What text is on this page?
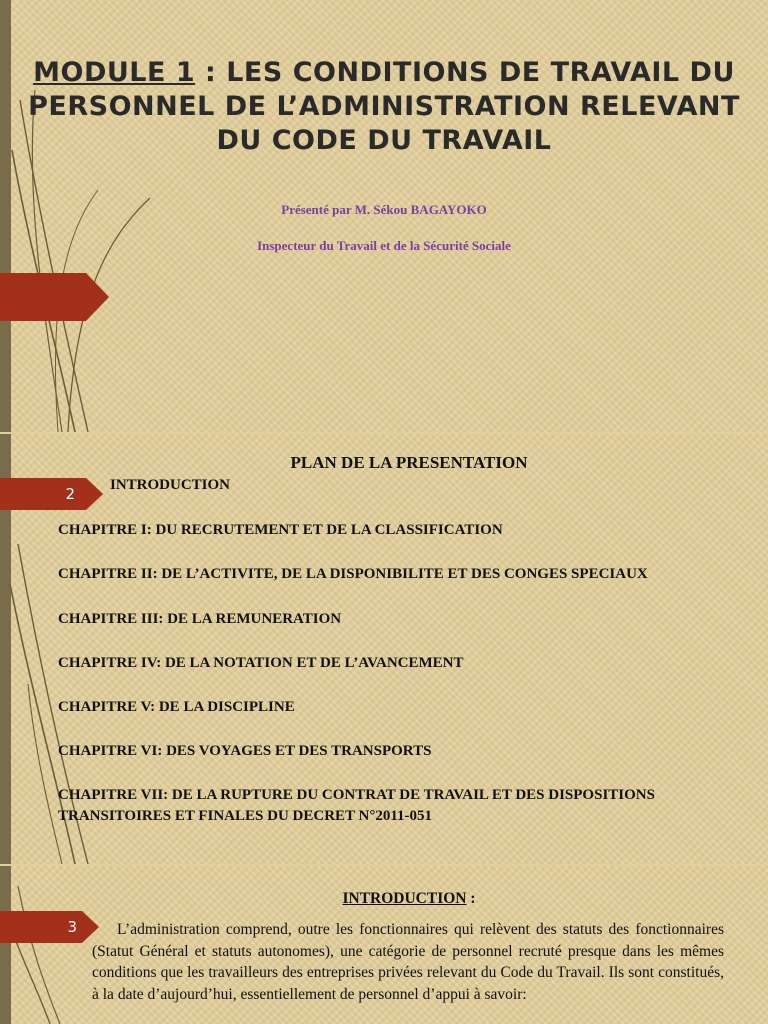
MODULE 1 : LES CONDITIONS DE TRAVAIL DU PERSONNEL DE L’ADMINISTRATION RELEVANT DU CODE DU TRAVAIL
Présenté par M. Sékou BAGAYOKO
Inspecteur du Travail et de la Sécurité Sociale
2
PLAN DE LA PRESENTATION
INTRODUCTION

CHAPITRE I: DU RECRUTEMENT ET DE LA CLASSIFICATION

CHAPITRE II: DE L’ACTIVITE, DE LA DISPONIBILITE ET DES CONGES SPECIAUX

CHAPITRE III: DE LA REMUNERATION

CHAPITRE IV: DE LA NOTATION ET DE L’AVANCEMENT

CHAPITRE V: DE LA DISCIPLINE

CHAPITRE VI: DES VOYAGES ET DES TRANSPORTS

CHAPITRE VII: DE LA RUPTURE DU CONTRAT DE TRAVAIL ET DES DISPOSITIONS TRANSITOIRES ET FINALES DU DECRET N°2011-051

3
INTRODUCTION :

L’administration comprend, outre les fonctionnaires qui relèvent des statuts des fonctionnaires (Statut Général et statuts autonomes), une catégorie de personnel recruté presque dans les mêmes conditions que les travailleurs des entreprises privées relevant du Code du Travail. Ils sont constitués, à la date d’aujourd’hui, essentiellement de personnel d’appui à savoir:
